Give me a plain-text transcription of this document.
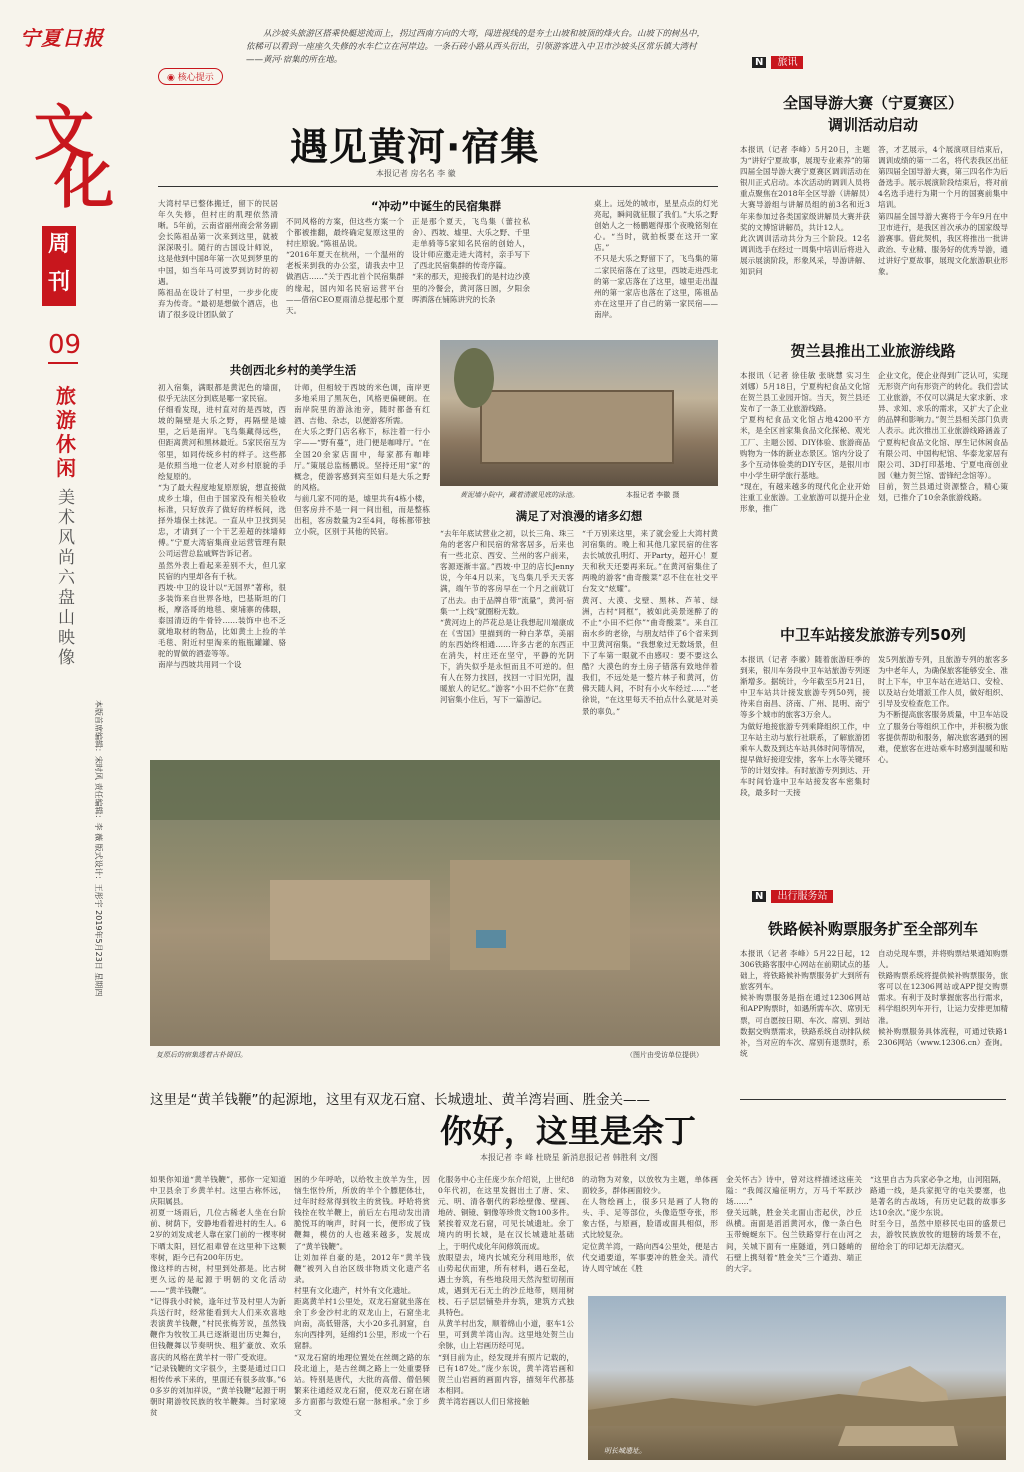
宁夏日报
文
化
周
刊
09
旅游休闲
美术风尚 六盘山 映像
本版首席编辑：宋时风 责任编辑：李 薇 版式设计：王彤宇 2019年5月23日 星期四
◉ 核心提示
从沙坡头旅游区搭乘快艇逆流而上，拐过西南方向的大弯，闯进视线的是夯土山坡和坡顶的烽火台。山坡下的树丛中，依稀可以看到一座座久失修的水车伫立在河岸边。一条石砖小路从西头衍出，引领游客进入中卫市沙坡头区常乐镇大湾村——黄河·宿集的所在地。
遇见黄河·宿集
本报记者 房名名 李 徽
大湾村早已整体搬迁，留下的民居年久失修，但村庄的肌理依然清晰。5年前，云南省丽州商会常务副会长陈祖品第一次来到这里，就被深深吸引。随行的古国设计师说，这是他到中国8年第一次见到梦里的中国，如当年马可波罗到访时的初遇。
陈祖品在设计了村里，一步步化废弃为传奇。“最初是想做个酒店，也请了很多设计团队做了
“冲动”中诞生的民宿集群
不同风格的方案，但这些方案一个个都被推翻，最终确定复原这里的村庄原貌。”陈祖品说。
“2016年夏天在杭州，一个温州的老板来到我的办公室，请我去中卫做酒店……”关于西北首个民宿集群的缘起，国内知名民宿运营平台——借宿CEO夏雨清总提起那个夏天。
正是那个夏天，飞鸟集（蕾拉私舍）、西坡、墟里、大乐之野、千里走单骑等5家知名民宿的创始人，设计师应邀走进大湾村，亲手写下了西北民宿集群的传奇序篇。
“来的那天，迎接我们的是村边沙漠里的冷餐会，黄河落日圆，夕阳余晖洒落在铺陈讲究的长条
桌上。远处的城市，星星点点的灯光亮起，瞬间就征服了我们。”大乐之野创始人之一杨鹏题得那个夜晚铭刻在心。“当时，就拍板要在这开一家店。”
不只是大乐之野留下了，飞鸟集的第二家民宿落在了这里，西坡走进西北的第一家店落在了这里，墟里走出温州的第一家店也落在了这里，陈祖品亦在这里开了自己的第一家民宿——南岸。
共创西北乡村的美学生活
初入宿集，满眼都是黄泥色的墙面，似乎无法区分到底是哪一家民宿。
仔细看发现，进村直对的是西坡，西坡的隔壁是大乐之野，再隔壁是墟里，之后是南岸。飞鸟集藏得远些，但距离黄河和黑林最近。5家民宿互为邻里，如同传统乡村的样子。这些都是依照当地一位老人对乡村原貌的手绘复原的。
“为了最大程度地复原原貌，想直接做成乡土墙，但由于国家没有相关验收标准，只好放弃了做好的样板间，选择外墙保土抹泥。一直从中卫找到吴忠，才请到了一个干艺差超的抹墙师傅。”宁夏大湾宿集商业运营管理有限公司运营总监戚辉告诉记者。
虽然外表上看起来差别不大，但几家民宿的内里却各有千秋。
西坡·中卫的设计以“无国界”著称，很多装饰来自世界各地，巴基斯坦的门板，摩洛哥的地毯、柬埔寨的佛眼，泰国清迈的牛骨铃……装饰中也不乏就地取材的物品，比如黄土上捡的羊毛毯、附近村里淘来的瓶瓶罐罐、骆驼的胃做的酒壶等等。
南岸与西坡共用同一个设
计师，但相较于西坡的米色调，南岸更多地采用了黑灰色，风格更偏硬朗。在南岸院里的游泳池旁，随时都备有红酒、吉他、杂志，以便游客所需。
在大乐之野门店名称下，标注着一行小字——“野有蔓”，进门便是咖啡厅。“在全国20余家店面中，每家都有咖啡厅。”策展总监杨鹏说。坚持还用“家”的概念，使游客感到宾至如归是大乐之野的风格。
与前几家不同的是，墟里共有4栋小楼，但客房并不是一间一间出租，而是整栋出租，客房数量为2至4间，每栋都带独立小院，区别于其他的民宿。
黄泥墙小院中，藏着清澈见底的泳池。	本报记者 李徽 摄
满足了对浪漫的诸多幻想
“去年年底试营业之初，以长三角、珠三角的老客户和民宿的常客居多，后来也有一些北京、西安、兰州的客户前来，客源逐渐丰富。”西坡·中卫的店长Jenny说，今年4月以来，飞鸟集几乎天天客满，端午节的客房早在一个月之前就订了出去。由于品牌自带“流量”，黄河·宿集一“上线”就圈粉无数。
“黄河边上的芦花总是让我想起川端康成在《雪国》里描到的一种白茅草，美丽的东西始终相通……许多古老的东西正在消失，村庄还在坚守，平静的光阴下，消失似乎是永恒而且不可逆的。但有人在努力找回，找回一寸旧光阴，温暖旅人的记忆。”游客“小田不烂你”在黄河宿集小住后，写下一篇游记。
“千万别来这里，来了就会爱上大湾村黄河宿集的。晚上和其他几家民宿的住客去长城放孔明灯、开Party，超开心！夏天和秋天还要再来玩。”在黄河宿集住了两晚的游客“曲奇酸菜”忍不住在社交平台发文“炫耀”。
黄河、大漠、戈壁、黑林、芦苇、绿洲，古村“同框”，被如此美景迷醉了的不止“小田不烂你”“曲奇酸菜”。来自江南水乡的老徐，与朋友结伴了6个省来到中卫黄河宿集。“我想象过无数场景，但下了车第一眼就不由感叹：要不要这么酷？大漠色的夯土房子错落有致地伴着我们，不远处是一整片林子和黄河，仿佛天随人间，不时有小火车经过……”老徐说，“在这里每天不拍点什么就是对美景的辜负。”
复原后的宿集透着古朴简旧。	（图片由受访单位提供）
N 旅讯
全国导游大赛（宁夏赛区）
调训活动启动
本报讯（记者 李峰）5月20日，主题为“讲好宁夏故事，展现专业素养”的第四届全国导游大赛宁夏赛区调训活动在银川正式启动。本次活动的调训人员将重点聚焦在2018年全区导游（讲解员）大赛导游组与讲解员组的前3名和近3年来参加过各类国家级讲解员大赛并获奖的文博馆讲解员，共计12人。
此次调训活动共分为三个阶段。12名调训选手在经过一周集中培训后将进入展示展演阶段，形象风采，导游讲解、知识问
答，才艺展示，4个展演项目结束后，调训成绩的第一二名，将代表我区出征第四届全国导游大赛，第三四名作为后备选手。展示展演阶段结束后，将对前4名选手进行为期一个月的国赛前集中培训。
第四届全国导游大赛将于今年9月在中卫市进行，是我区首次承办的国家级导游赛事。借此契机，我区将推出一批讲政治、专业精、服务好的优秀导游，通过讲好宁夏故事，展现文化旅游职业形象。
贺兰县推出工业旅游线路
本报讯（记者 徐佳敏 张晓慧 实习生 刘娜）5月18日，宁夏构杞食品文化馆在贺兰县工业园开馆。当天，贺兰县还发布了一条工业旅游线路。
宁夏构杞食品文化馆占地4200平方米，是全区首家集食品文化探秘、观光工厂、主题公园、DIY体验、旅游商品购物为一体的新业态景区。馆内分设了多个互动体验类的DIY专区，是银川市中小学生研学旅行基地。
“现在，有越来越多的现代化企业开始注重工业旅游。工业旅游可以提升企业形象，推广
企业文化，使企业得到广泛认可，实现无形资产向有形资产的转化。我们尝试工业旅游，不仅可以满足大家求新、求异、求知、求乐的需求，又扩大了企业的品牌和影响力。”贺兰县相关部门负责人表示。此次推出工业旅游线路涵盖了宁夏构杞食品文化馆、厚生记休闲食品有限公司、中国构杞馆、华泰龙家居有限公司、3D打印基地、宁夏电商创业园（魅力贺兰馆、雷锋纪念馆等）。
目前，贺兰县通过资源整合，精心策划，已推介了10余条旅游线路。
中卫车站接发旅游专列50列
本报讯（记者 李徽）随着旅游旺季的到来，银川车务段中卫车站旅游专列逐渐增多。据统计，今年截至5月21日，中卫车站共计接发旅游专列50列，接待来自南昌、济南、广州、昆明、南宁等多个城市的旅客3万余人。
为做好地接旅游专列乘降组织工作，中卫车站主动与旅行社联系，了解旅游团乘车人数及到达车站具体时间等情况，提早做好接迎安排，客车上水等关键环节的计划安排。有时旅游专列到达、开车时间恰逢中卫车站接发客车密集时段，最多时一天接
发5列旅游专列，且旅游专列的旅客多为中老年人，为确保旅客能够安全、准时上下车，中卫车站在进站口、安检、以及站台处增派工作人员，做好组织、引导及安检查危工作。
为不断提高旅客服务质量，中卫车站设立了服务台等组织工作中，并积极为旅客提供帮助和服务，解决旅客遇到的困难，使旅客在进站乘车时感到温暖和贴心。
N 出行服务站
铁路候补购票服务扩至全部列车
本报讯（记者 李峰）5月22日起，12306铁路客服中心网站在前期试点的基础上，将铁路候补购票服务扩大到所有旅客列车。
候补购票服务是指在通过12306网站和APP购票时，如遇所需车次、席别无票，可自愿按日期、车次、席别、到站数据交购票需求，铁路系统自动排队候补，当对应的车次、席别有退票时，系统
自动兑现车票，并将购票结果通知购票人。
铁路购票系统将提供候补购票服务，旅客可以在12306网站或APP提交购票需求。有利于及时掌握旅客出行需求，科学组织列车开行，让运力安排更加精准。
候补购票服务具体流程，可通过铁路12306网站（www.12306.cn）查询。
这里是“黄羊钱鞭”的起源地，这里有双龙石窟、长城遗址、黄羊湾岩画、胜金关——
你好，这里是余丁
本报记者 李 峰 杜晓星 新消息报记者 韩胜利 文/图
如果你知道“黄羊钱鞭”，那你一定知道中卫县余丁乡黄羊村。这里古称怀远，庆阳属县。
初夏一场雨后，几位古稀老人坐在台阶前、树荫下，安静地看着进村的生人。62岁的刘发成老人靠在家门前的一棵枣树下晒太阳，回忆祖辈曾在这里种下这颗枣树，距今已有200年历史。
像这样的古树，村里到处都是。比古树更久远的是起源于明朝的文化活动——“黄羊钱鞭”。
“记得我小时候，逢年过节及村里人为新兵送行时，经常能看到大人们来欢喜地表演黄羊钱鞭，”村民张梅芳说，虽然钱鞭作为牧牧工具已逐渐退出历史舞台，但钱鞭舞以节奏明快、粗犷豪放、欢乐喜庆的风格在黄羊村一带广受欢迎。
“记录钱鞭的文字很少，主要是通过口口相传传承下来的，里面还有很多故事。”60多岁的刘加祥说，“黄羊钱鞭”起源于明朝时期游牧民族的牧羊鞭舞。当时家境贫
困的少年呼哈，以给牧主放羊为生，因恼生怄怜所，所放的羊个个膘肥体壮，过年时经常得到牧主的赏钱。呼哈将赏钱拴在牧羊鞭上，前后左右甩动发出清脆悦耳的响声，时间一长，便形成了钱鞭舞，模仿的人也越来越多，发展成了“黄羊钱鞭”。
让刘加祥自豪的是，2012年“黄羊钱鞭”被列入自治区级非物质文化遗产名录。
村里有文化遗产，村外有文化遗址。
距离黄羊村1公里处，双龙石窟就坐落在余丁乡金沙村北的双龙山上，石窟坐北向南，高低错落，大小20多孔洞窟，自东向西排列，延绵约1公里，形成一个石窟群。
“双龙石窟的地理位置处在丝绸之路的东段北道上，是古丝绸之路上一处重要驿站。特别是唐代，大批的高僧、僧侣频繁来往通经双龙石窟，使双龙石窟在诸多方面都与敦煌石窟一脉相承。”余丁乡文
化服务中心主任庞少东介绍说，上世纪80年代初，在这里发掘出土了唐、宋、元、明、清各朝代的彩绘壁像、壁画、地砖、铜镜、铜像等珍贵文物100多件。
紧挨着双龙石窟，可见长城遗址。余丁境内的明长城，是在汉长城遗址基础上，于明代成化年间修筑而成。
放眼望去，境内长城充分利用地形，依山势起伏而建，所有材料，遇石垒起，遇土夯筑，有些地段用天然沟堑切削而成，遇到无石无土的沙丘地带，则用树枝、石子层层铺垫并夯筑，建筑方式独具特色。
从黄羊村出发，顺着绵山小道，驱车1公里，可到黄羊湾山沟。这里地处贺兰山余脉，山上岩画历经可见。
“到目前为止，经发现并有照片记载的，已有187处。”庞少东说，黄羊湾岩画和贺兰山岩画的画面内容，描刻年代都基本相同。
黄羊湾岩画以人们日常接触
的动物为对象，以放牧为主题，单体画面较多，群体画面较少。
在人物绘画上，很多只是画了人物的头、手、足等部位，头像造型夸张，形象古怪，与原画，脸谱或面具相似，形式比较复杂。
定位黄羊湾，一路向西4公里处，便是古代交通要道，军事要冲的胜金关。清代诗人周守域在《胜
金关怀古》诗中，曾对这样描述这座关隘：“我闻汉遍征明方，万马千军跃沙场……”
登关远眺，胜金关北面山峦起伏，沙丘纵横。南面是滔滔黄河水，像一条白色玉带蜿蜒东下。包兰铁路穿行在山河之间，关城下面有一座隧道，列口隧峭的石壁上携刻着“胜金关”三个遒劲、端正的大字。
“这里自古为兵家必争之地，山河阻隔，路通一线，是兵家扼守的屯关要塞，也是著名的古战场，有历史记载的故事多达10余次。”庞少东说。
时至今日，虽然中原移民屯田的盛景已去，游牧民族放牧的翅膀的场景不在，留给余丁的印记却无法磨灭。
明长城遗址。
